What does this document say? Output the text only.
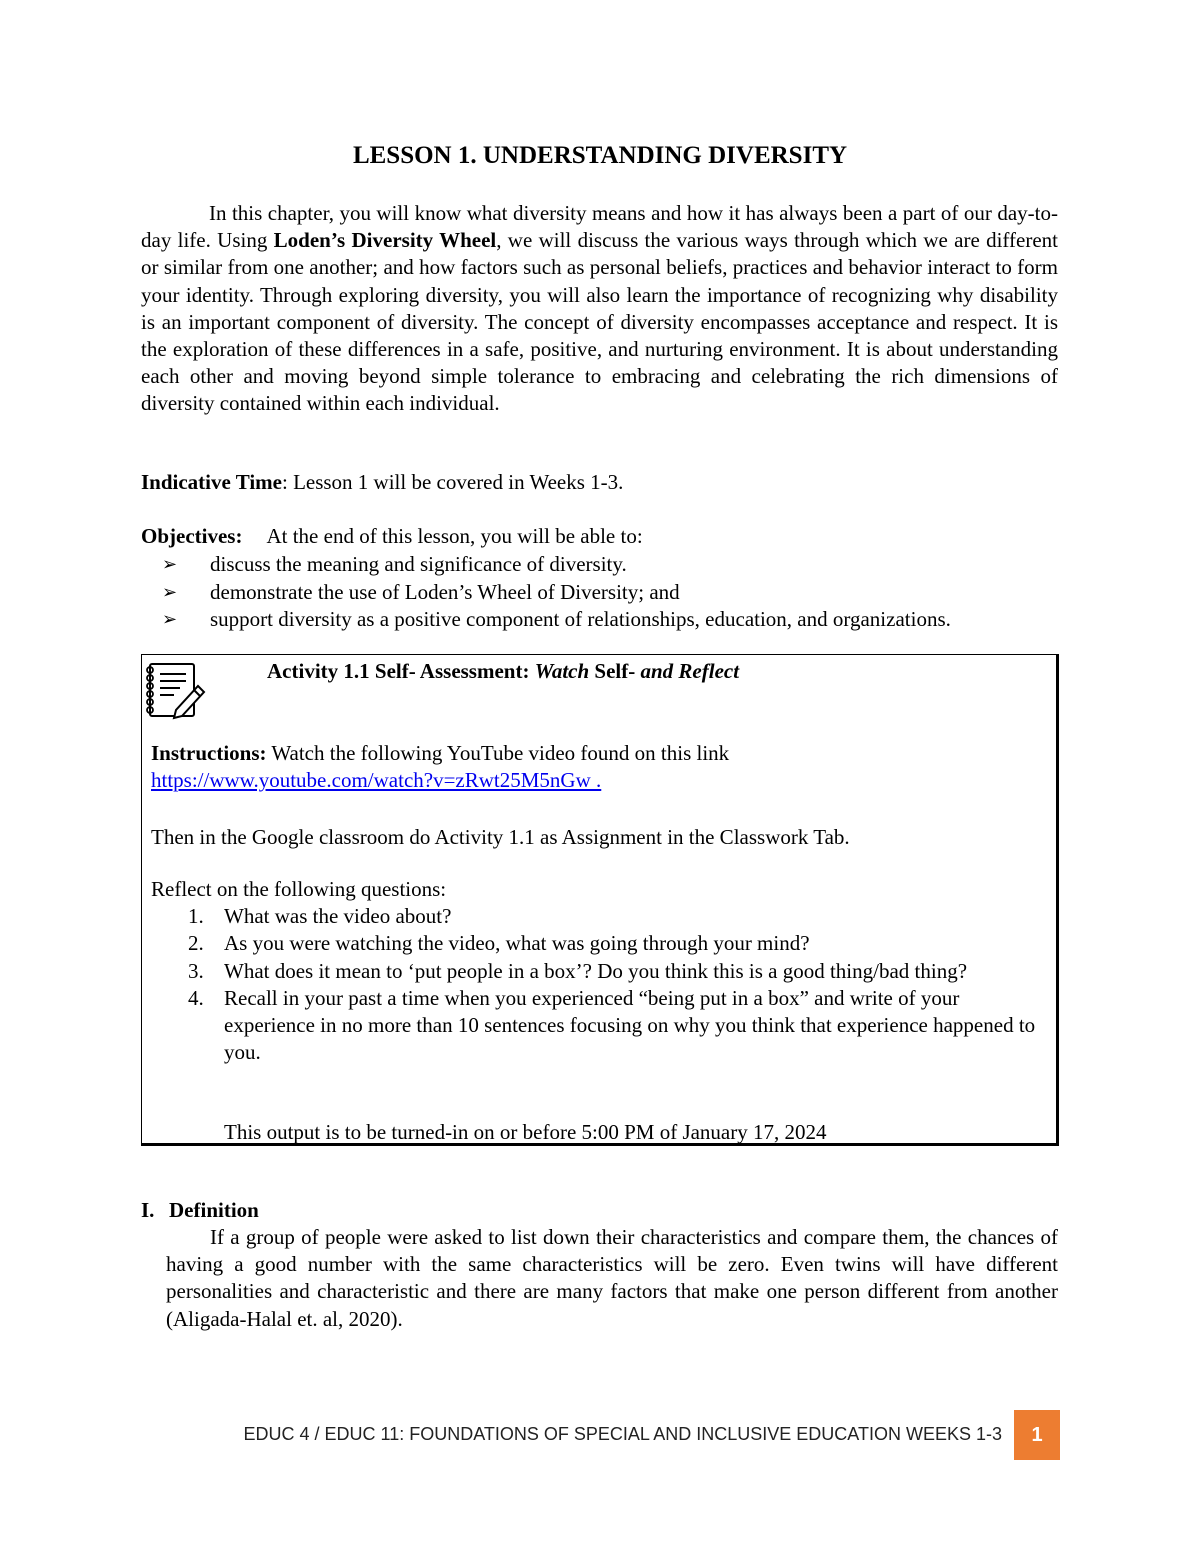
LESSON 1. UNDERSTANDING DIVERSITY

In this chapter, you will know what diversity means and how it has always been a part of our day-to-day life. Using Loden’s Diversity Wheel, we will discuss the various ways through which we are different or similar from one another; and how factors such as personal beliefs, practices and behavior interact to form your identity. Through exploring diversity, you will also learn the importance of recognizing why disability is an important component of diversity. The concept of diversity encompasses acceptance and respect. It is the exploration of these differences in a safe, positive, and nurturing environment. It is about understanding each other and moving beyond simple tolerance to embracing and celebrating the rich dimensions of diversity contained within each individual.

Indicative Time: Lesson 1 will be covered in Weeks 1-3.
Objectives: At the end of this lesson, you will be able to:
➢ discuss the meaning and significance of diversity.
➢ demonstrate the use of Loden’s Wheel of Diversity; and
➢ support diversity as a positive component of relationships, education, and organizations.
Activity 1.1 Self- Assessment: Watch Self- and Reflect
Instructions: Watch the following YouTube video found on this link
https://www.youtube.com/watch?v=zRwt25M5nGw .
Then in the Google classroom do Activity 1.1 as Assignment in the Classwork Tab.
Reflect on the following questions:
1. What was the video about?
2. As you were watching the video, what was going through your mind?
3. What does it mean to ‘put people in a box’? Do you think this is a good thing/bad thing?
4. Recall in your past a time when you experienced “being put in a box” and write of your experience in no more than 10 sentences focusing on why you think that experience happened to you.
This output is to be turned-in on or before 5:00 PM of January 17, 2024
I. Definition

If a group of people were asked to list down their characteristics and compare them, the chances of having a good number with the same characteristics will be zero. Even twins will have different personalities and characteristic and there are many factors that make one person different from another (Aligada-Halal et. al, 2020).

EDUC 4 / EDUC 11: FOUNDATIONS OF SPECIAL AND INCLUSIVE EDUCATION WEEKS 1-3	1
